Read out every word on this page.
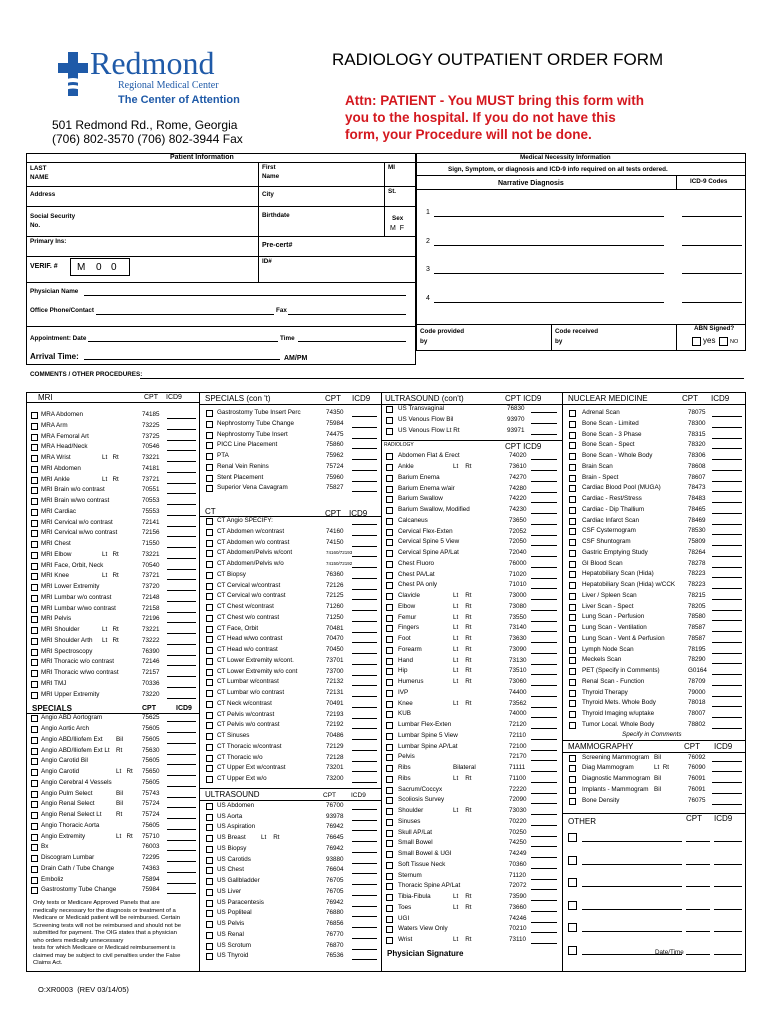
Redmond
Regional Medical Center
The Center of Attention
501 Redmond Rd., Rome, Georgia
(706) 802-3570 (706) 802-3944 Fax
RADIOLOGY OUTPATIENT ORDER FORM
Attn: PATIENT - You MUST bring this form with
you to the hospital. If you do not have this
form, your Procedure will not be done.
Patient Information
LAST
NAME
First
Name
MI
Address	City	St.
Social Security
No.
Birthdate	Sex
M  F
Primary Ins:
Pre-cert#
VERIF. # M 0 0
ID#
Physician Name
Office Phone/Contact	Fax
Appointment: Date	Time
Arrival Time:	AM/PM
COMMENTS / OTHER PROCEDURES:
Medical Necessity Information
Sign, Symptom, or diagnosis and ICD-9 info required on all tests ordered.
Narrative Diagnosis	ICD-9 Codes
1
2
3
4
Code provided
by
Code received
by
ABN Signed?
yes	NO
MRI	CPT ICD9
MRA Abdomen	74185
MRA Arm	73225
MRA Femoral Art	73725
MRA Head/Neck	70546
MRA Wrist	Lt   Rt	73221
MRI Abdomen	74181
MRI Ankle	Lt   Rt	73721
MRI Brain w/o contrast	70551
MRI Brain w/wo contrast	70553
MRI Cardiac	75553
MRI Cervical w/o contrast	72141
MRI Cervical w/wo contrast	72156
MRI Chest	71550
MRI Elbow	Lt   Rt	73221
MRI Face, Orbit, Neck	70540
MRI Knee	Lt   Rt	73721
MRI Lower Extremity	73720
MRI Lumbar w/o contrast	72148
MRI Lumbar w/wo contrast	72158
MRI Pelvis	72196
MRI Shoulder	Lt   Rt	73221
MRI Shoulder Arth Lt   Rt	73222
MRI Spectroscopy	76390
MRI Thoracic w/o contrast	72146
MRI Thoracic w/wo contrast	72157
MRI TMJ	70336
MRI Upper Extremity	73220
SPECIALS	CPT	ICD9
Angio ABD Aortogram	75625
Angio Aortic Arch	75605
Angio ABD/Iliofem Ext Bil	75605
Angio ABD/Iliofem Ext Lt Rt	75630
Angio Carotid Bil	75605
Angio Carotid	Lt   Rt 75650
Angio Cerebral 4 Vessels	75605
Angio Pulm Select	Bil	75743
Angio Renal Select	Bil	75724
Angio Renal Select Lt Rt	75724
Angio Thoracic Aorta	75605
Angio Extremity	Lt   Rt 75710
Bx	76003
Discogram Lumbar	72295
Drain Cath / Tube Change	74363
Emboliz	75894
Gastrostomy Tube Change	75984
Only tests or Medicare Approved Panels that are
medically necessary for the diagnosis or treatment of a
Medicare or Medicaid patient will be reimbursed. Certain
Screening tests will not be reimbursed and should not be
submitted for payment. The OIG states that a physician
who orders medically unnecessary
tests for which Medicare or Medicaid reimbursement is
claimed may be subject to civil penalties under the False
Claims Act.
SPECIALS (con 't)	CPT ICD9
Gastrostomy Tube Insert Perc	74350
Nephrostomy Tube Change	75984
Nephrostomy Tube Insert	74475
PICC Line Placement	75860
PTA	75962
Renal Vein Renins	75724
Stent Placement	75960
Superior Vena Cavagram	75827
CT	CPT ICD9
CT Angio SPECIFY:
CT Abdomen w/contrast	74160
CT Abdomen w/o contrast	74150
CT Abdomen/Pelvis w/cont	74160/72193
CT Abdomen/Pelvis w/o	74150/72192
CT Biopsy	76360
CT Cervical w/contrast	72126
CT Cervical w/o contrast	72125
CT Chest w/contrast	71260
CT Chest w/o contrast	71250
CT Face, Orbit	70481
CT Head w/wo contrast	70470
CT Head w/o contrast	70450
CT Lower Extremity w/cont.	73701
CT Lower Extremity w/o cont	73700
CT Lumbar w/contrast	72132
CT Lumbar w/o contrast	72131
CT Neck w/contrast	70491
CT Pelvis w/contrast	72193
CT Pelvis w/o contrast	72192
CT Sinuses	70486
CT Thoracic w/contrast	72129
CT Thoracic w/o	72128
CT Upper Ext w/contrast	73201
CT Upper Ext w/o	73200
ULTRASOUND	CPT ICD9
US Abdomen	76700
US Aorta	93978
US Aspiration	76942
US Breast Lt    Rt	76645
US Biopsy	76942
US Carotids	93880
US Chest	76604
US Gallbladder	76705
US Liver	76705
US Paracentesis	76942
US Popliteal	76880
US Pelvis	76856
US Renal	76770
US Scrotum	76870
US Thyroid	76536
ULTRASOUND (con't)	CPT ICD9
US Transvaginal	76830
US Venous Flow Bil	93970
US Venous Flow Lt Rt	93971
RADIOLOGY	CPT ICD9
Abdomen Flat & Erect	74020
Ankle	Lt    Rt	73610
Barium Enema	74270
Barium Enema w/air	74280
Barium Swallow	74220
Barium Swallow, Modified	74230
Calcaneus	73650
Cervical Flex-Exten	72052
Cervical Spine 5 View	72050
Cervical Spine AP/Lat	72040
Chest Fluoro	76000
Chest PA/Lat	71020
Chest PA only	71010
Clavicle	Lt    Rt	73000
Elbow	Lt    Rt	73080
Femur	Lt    Rt	73550
Fingers	Lt    Rt	73140
Foot	Lt    Rt	73630
Forearm	Lt    Rt	73090
Hand	Lt    Rt	73130
Hip	Lt    Rt	73510
Humerus	Lt    Rt	73060
IVP	74400
Knee	Lt    Rt	73562
KUB	74000
Lumbar Flex-Exten	72120
Lumbar Spine 5 View	72110
Lumbar Spine AP/Lat	72100
Pelvis	72170
Ribs	Bilateral	71111
Ribs	Lt    Rt	71100
Sacrum/Coccyx	72220
Scoliosis Survey	72090
Shoulder	Lt    Rt	73030
Sinuses	70220
Skull AP/Lat	70250
Small Bowel	74250
Small Bowel & UGI	74249
Soft Tissue Neck	70360
Sternum	71120
Thoracic Spine AP/Lat	72072
Tibia-Fibula	Lt    Rt	73590
Toes	Lt    Rt	73660
UGI	74246
Waters View Only	70210
Wrist	Lt    Rt	73110
Physician Signature
NUCLEAR MEDICINE	CPT ICD9
Adrenal Scan	78075
Bone Scan - Limited	78300
Bone Scan - 3 Phase	78315
Bone Scan - Spect	78320
Bone Scan - Whole Body	78306
Brain Scan	78608
Brain - Spect	78607
Cardiac Blood Pool (MUGA)	78473
Cardiac - Rest/Stress	78483
Cardiac - Dip Thallium	78465
Cardiac Infarct Scan	78469
CSF Cysternogram	78530
CSF Shuntogram	75809
Gastric Emptying Study	78264
GI Blood Scan	78278
Hepatobiliary Scan (Hida)	78223
Hepatobiliary Scan (Hida) w/CCK 78223
Liver / Spleen Scan	78215
Liver Scan - Spect	78205
Lung Scan - Perfusion	78580
Lung Scan - Ventilation	78587
Lung Scan - Vent & Perfusion	78587
Lymph Node Scan	78195
Meckels Scan	78290
PET (Specify in Comments)	G0164
Renal Scan - Function	78709
Thyroid Therapy	79000
Thyroid Mets. Whole Body	78018
Thyroid Imaging w/uptake	78007
Tumor Local. Whole Body	78802
Specify in Comments
MAMMOGRAPHY	CPT ICD9
Screening Mammogram Bil	76092
Diag Mammogram	Lt  Rt	76090
Diagnostic Mammogram Bil	76091
Implants - Mammogram Bil	76091
Bone Density	76075
OTHER	CPT ICD9
Date/Time
O:XR0003  (REV 03/14/05)
